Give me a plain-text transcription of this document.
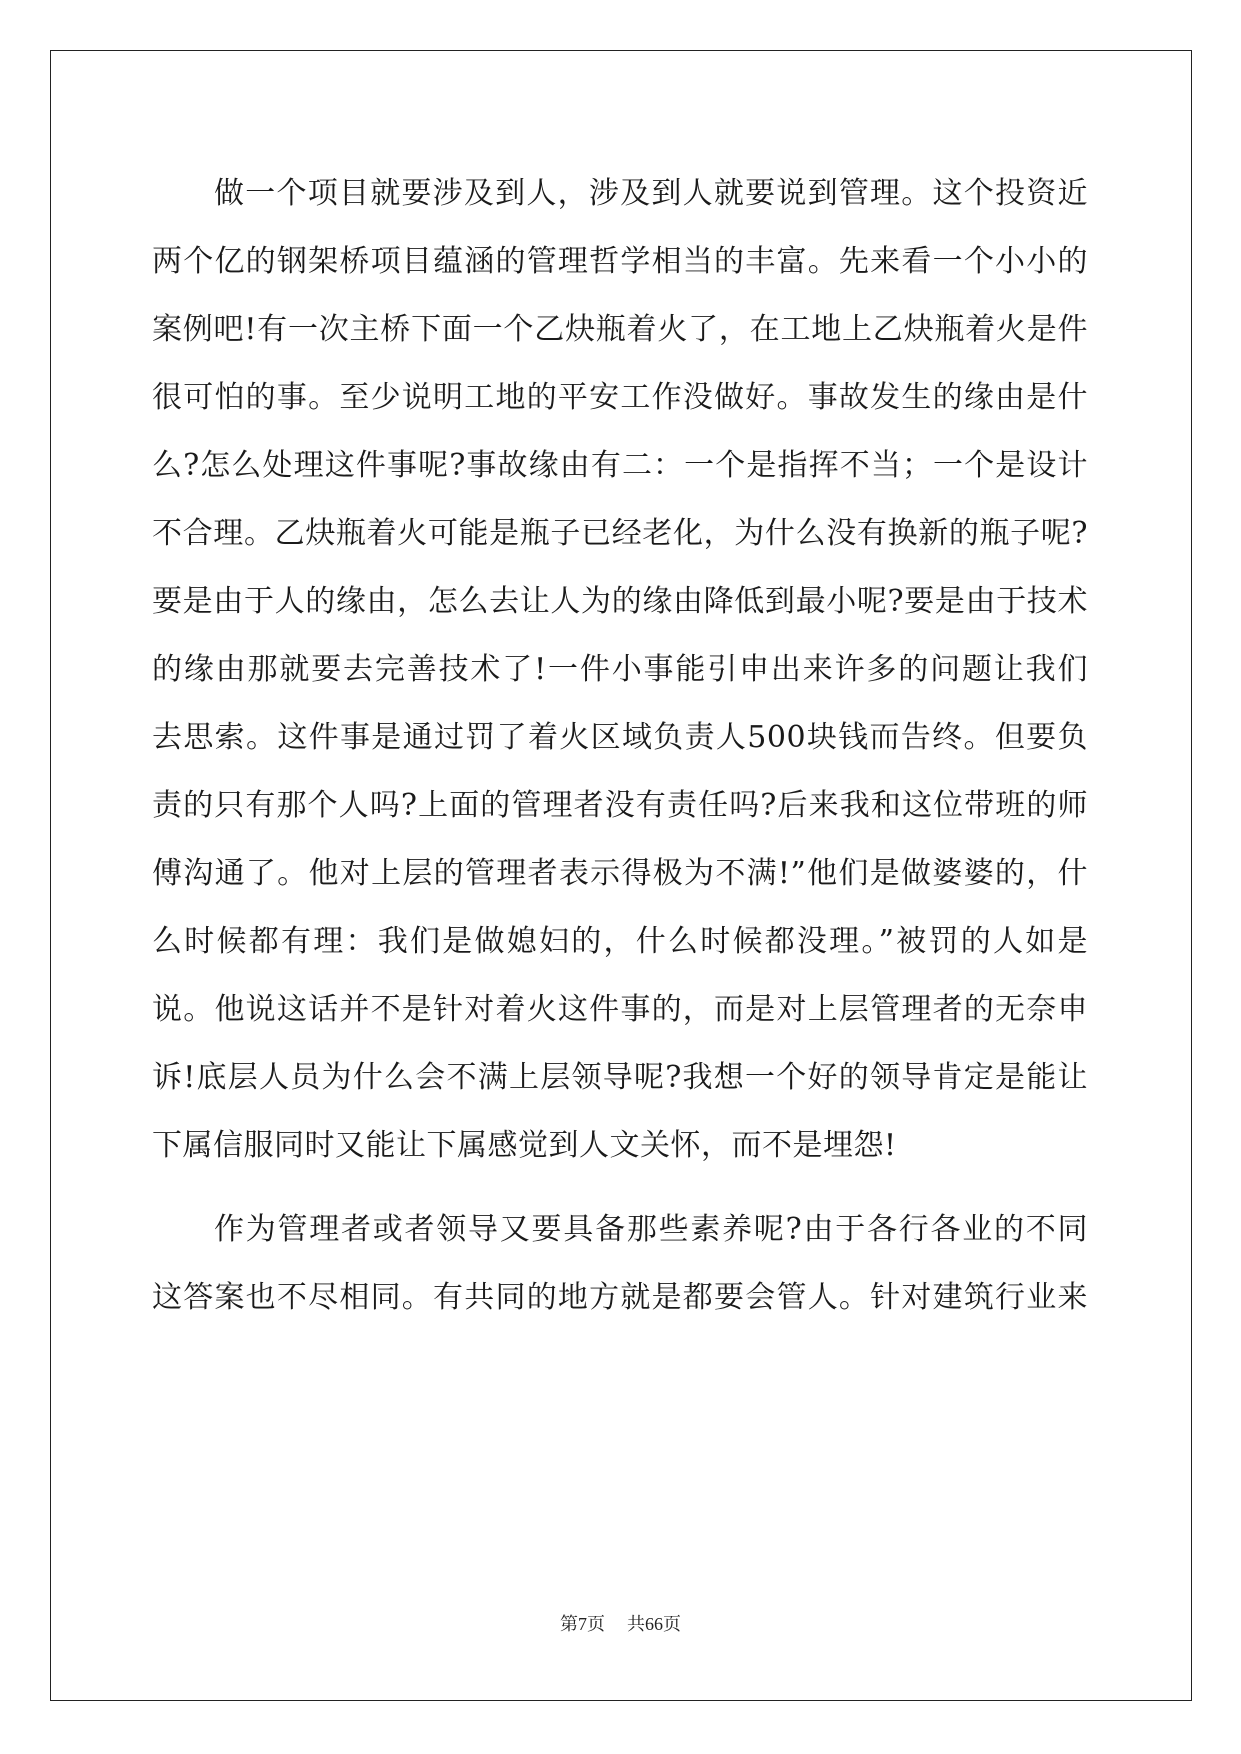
做一个项目就要涉及到人，涉及到人就要说到管理。这个投资近
两个亿的钢架桥项目蕴涵的管理哲学相当的丰富。先来看一个小小的
案例吧!有一次主桥下面一个乙炔瓶着火了，在工地上乙炔瓶着火是件
很可怕的事。至少说明工地的平安工作没做好。事故发生的缘由是什
么?怎么处理这件事呢?事故缘由有二：一个是指挥不当；一个是设计
不合理。乙炔瓶着火可能是瓶子已经老化，为什么没有换新的瓶子呢?
要是由于人的缘由，怎么去让人为的缘由降低到最小呢?要是由于技术
的缘由那就要去完善技术了!一件小事能引申出来许多的问题让我们
去思索。这件事是通过罚了着火区域负责人500块钱而告终。但要负
责的只有那个人吗?上面的管理者没有责任吗?后来我和这位带班的师
傅沟通了。他对上层的管理者表示得极为不满!”他们是做婆婆的，什
么时候都有理：我们是做媳妇的，什么时候都没理。”被罚的人如是
说。他说这话并不是针对着火这件事的，而是对上层管理者的无奈申
诉!底层人员为什么会不满上层领导呢?我想一个好的领导肯定是能让
下属信服同时又能让下属感觉到人文关怀，而不是埋怨!
作为管理者或者领导又要具备那些素养呢?由于各行各业的不同
这答案也不尽相同。有共同的地方就是都要会管人。针对建筑行业来
第7页 共66页
